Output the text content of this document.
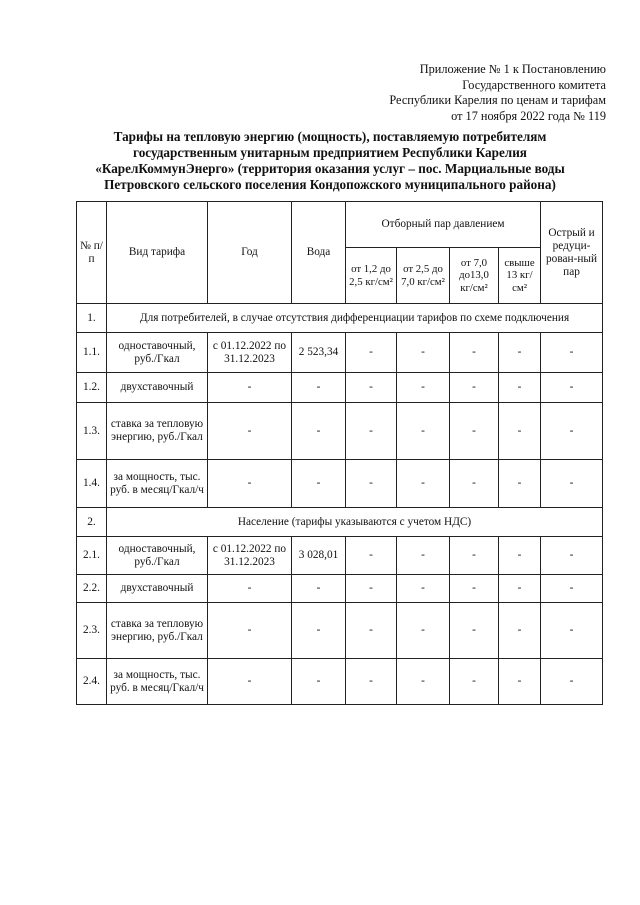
Приложение № 1 к Постановлению
Государственного комитета
Республики Карелия по ценам и тарифам
от 17 ноября 2022 года № 119
Тарифы на тепловую энергию (мощность), поставляемую потребителям
государственным унитарным предприятием Республики Карелия
«КарелКоммунЭнерго» (территория оказания услуг – пос. Марциальные воды
Петровского сельского поселения Кондопожского муниципального района)
№ п/п	Вид тарифа	Год	Вода	Отборный пар давлением				Острый и редуци-рован-ный пар
				от 1,2 до 2,5 кг/см²	от 2,5 до 7,0 кг/см²	от 7,0 до13,0 кг/см²	свыше 13 кг/см²	
1.	Для потребителей, в случае отсутствия дифференциации тарифов по схеме подключения							
1.1.	одноставочный, руб./Гкал	с 01.12.2022 по 31.12.2023	2 523,34	-	-	-	-	-
1.2.	двухставочный	-	-	-	-	-	-	-
1.3.	ставка за тепловую энергию, руб./Гкал	-	-	-	-	-	-	-
1.4.	за мощность, тыс. руб. в месяц/Гкал/ч	-	-	-	-	-	-	-
2.	Население (тарифы указываются с учетом НДС)							
2.1.	одноставочный, руб./Гкал	с 01.12.2022 по 31.12.2023	3 028,01	-	-	-	-	-
2.2.	двухставочный	-	-	-	-	-	-	-
2.3.	ставка за тепловую энергию, руб./Гкал	-	-	-	-	-	-	-
2.4.	за мощность, тыс. руб. в месяц/Гкал/ч	-	-	-	-	-	-	-
